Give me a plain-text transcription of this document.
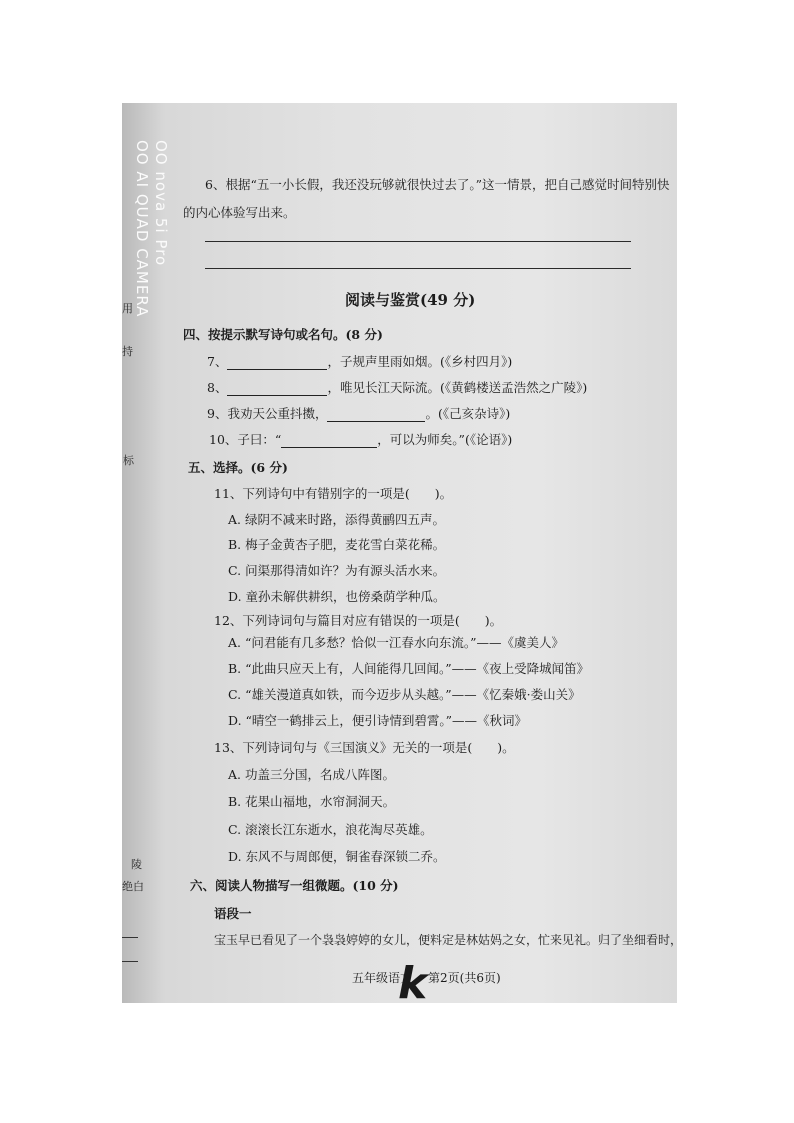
OO nova 5i Pro
OO AI QUAD CAMERA
用
持
标
陵
绝白
6、根据“五一小长假，我还没玩够就很快过去了。”这一情景，把自己感觉时间特别快
的内心体验写出来。
阅读与鉴赏(49 分)
四、按提示默写诗句或名句。(8 分)
7、	，子规声里雨如烟。(《乡村四月》)
8、	，唯见长江天际流。(《黄鹤楼送孟浩然之广陵》)
9、我劝天公重抖擞，	。(《己亥杂诗》)
10、子曰：“	，可以为师矣。”(《论语》)
五、选择。(6 分)
11、下列诗句中有错别字的一项是(　　)。
A. 绿阴不减来时路，添得黄鹂四五声。
B. 梅子金黄杏子肥，麦花雪白菜花稀。
C. 问渠那得清如许？为有源头活水来。
D. 童孙未解供耕织，也傍桑荫学种瓜。
12、下列诗词句与篇目对应有错误的一项是(　　)。
A. “问君能有几多愁？恰似一江春水向东流。”——《虞美人》
B. “此曲只应天上有，人间能得几回闻。”——《夜上受降城闻笛》
C. “雄关漫道真如铁，而今迈步从头越。”——《忆秦娥·娄山关》
D. “晴空一鹤排云上，便引诗情到碧霄。”——《秋词》
13、下列诗词句与《三国演义》无关的一项是(　　)。
A. 功盖三分国，名成八阵图。
B. 花果山福地，水帘洞洞天。
C. 滚滚长江东逝水，浪花淘尽英雄。
D. 东风不与周郎便，铜雀春深锁二乔。
六、阅读人物描写一组微题。(10 分)
语段一
宝玉早已看见了一个袅袅婷婷的女儿，便料定是林姑妈之女，忙来见礼。归了坐细看时，
五年级语文 第2页(共6页)
k
